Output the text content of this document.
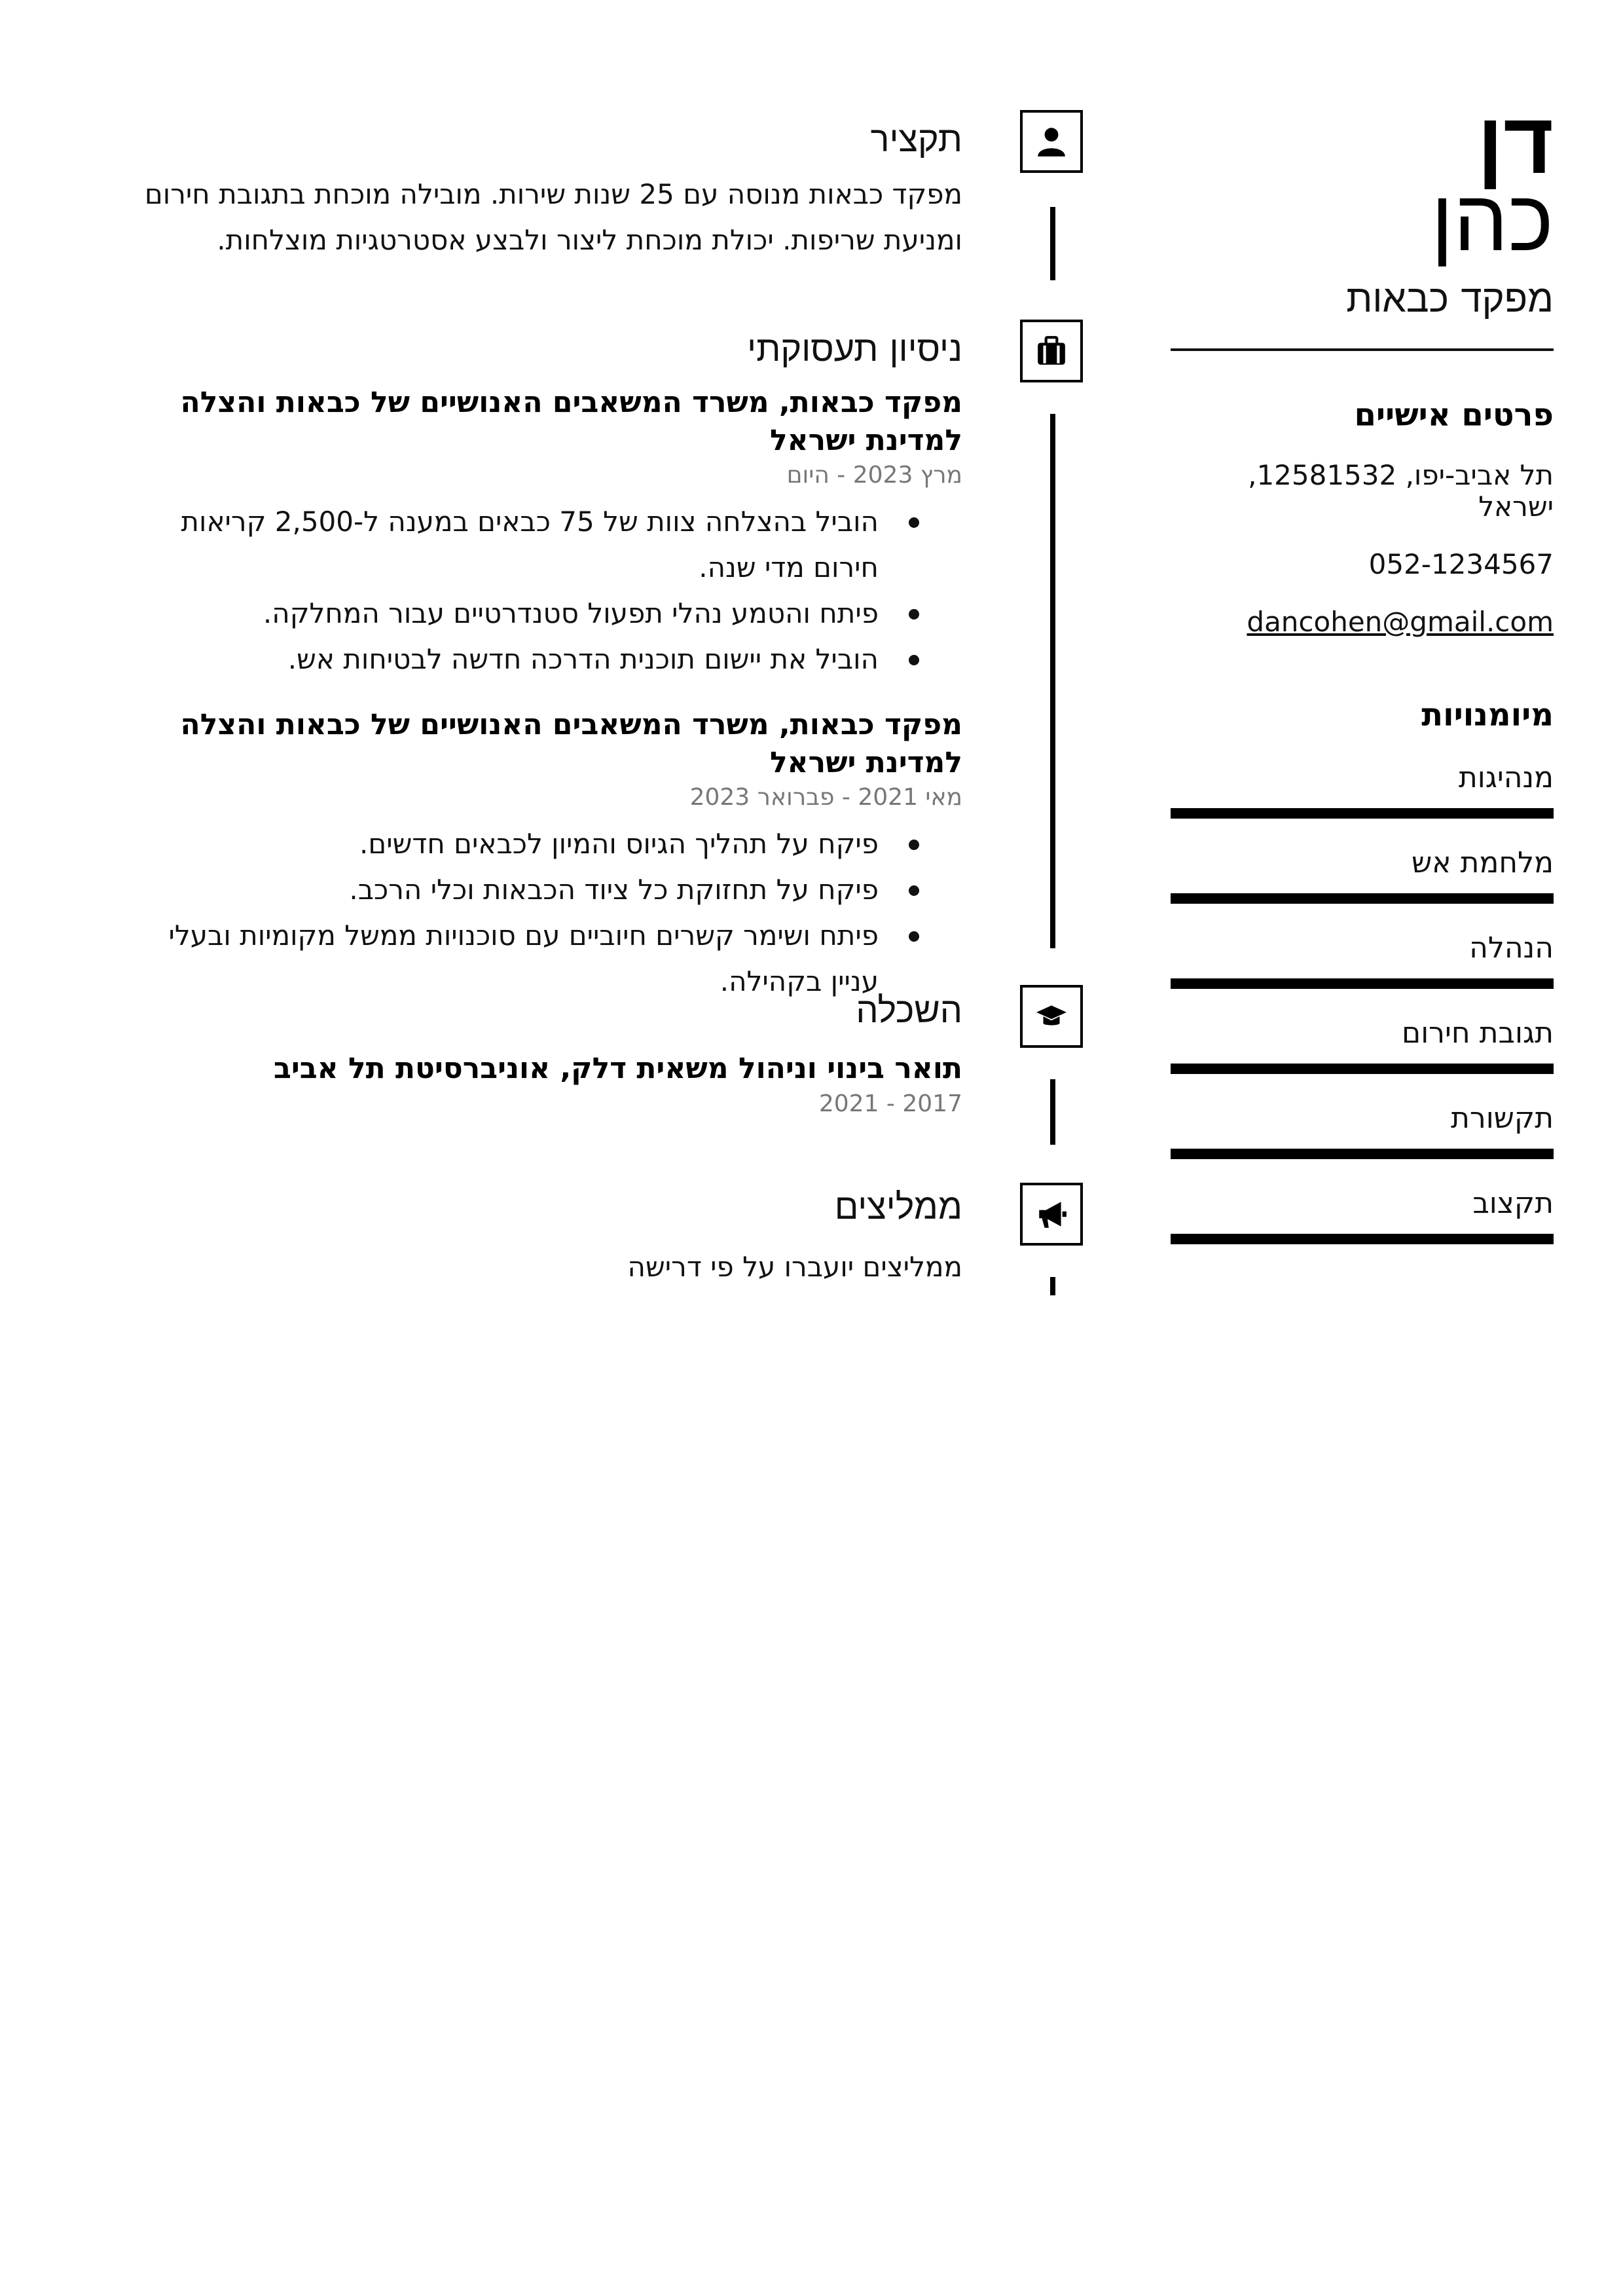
דן
כהן
מפקד כבאות
פרטים אישיים
תל אביב-יפו, 12581532, ישראל
052-1234567
dancohen@gmail.com
מיומנויות
מנהיגות
מלחמת אש
הנהלה
תגובת חירום
תקשורת
תקצוב
תקציר
מפקד כבאות מנוסה עם 25 שנות שירות. מובילה מוכחת בתגובת חירום
ומניעת שריפות. יכולת מוכחת ליצור ולבצע אסטרטגיות מוצלחות.
ניסיון תעסוקתי
מפקד כבאות, משרד המשאבים האנושיים של כבאות והצלה למדינת ישראל
מרץ 2023 - היום
הוביל בהצלחה צוות של 75 כבאים במענה ל-2,500 קריאות חירום מדי שנה.
פיתח והטמע נהלי תפעול סטנדרטיים עבור המחלקה.
הוביל את יישום תוכנית הדרכה חדשה לבטיחות אש.
מפקד כבאות, משרד המשאבים האנושיים של כבאות והצלה למדינת ישראל
מאי 2021 - פברואר 2023
פיקח על תהליך הגיוס והמיון לכבאים חדשים.
פיקח על תחזוקת כל ציוד הכבאות וכלי הרכב.
פיתח ושימר קשרים חיוביים עם סוכנויות ממשל מקומיות ובעלי עניין בקהילה.
השכלה
תואר בינוי וניהול משאית דלק, אוניברסיטת תל אביב
2017 - 2021
ממליצים
ממליצים יועברו על פי דרישה
